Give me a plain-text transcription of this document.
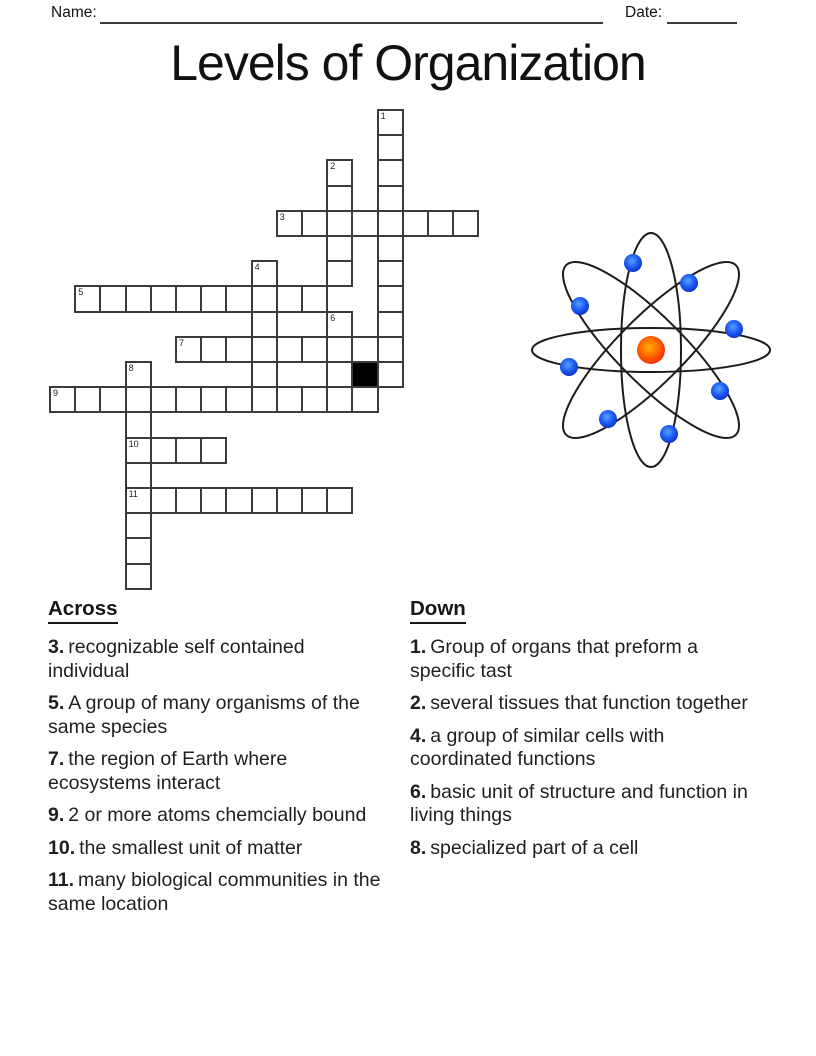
Name:	Date:
Levels of Organization
1
2
3
4
5
6
7
8
9
10
11
Across
3. recognizable self contained individual
5. A group of many organisms of the same species
7. the region of Earth where ecosystems interact
9. 2 or more atoms chemcially bound
10. the smallest unit of matter
11. many biological communities in the same location
Down
1. Group of organs that preform a specific tast
2. several tissues that function together
4. a group of similar cells with coordinated functions
6. basic unit of structure and function in living things
8. specialized part of a cell
